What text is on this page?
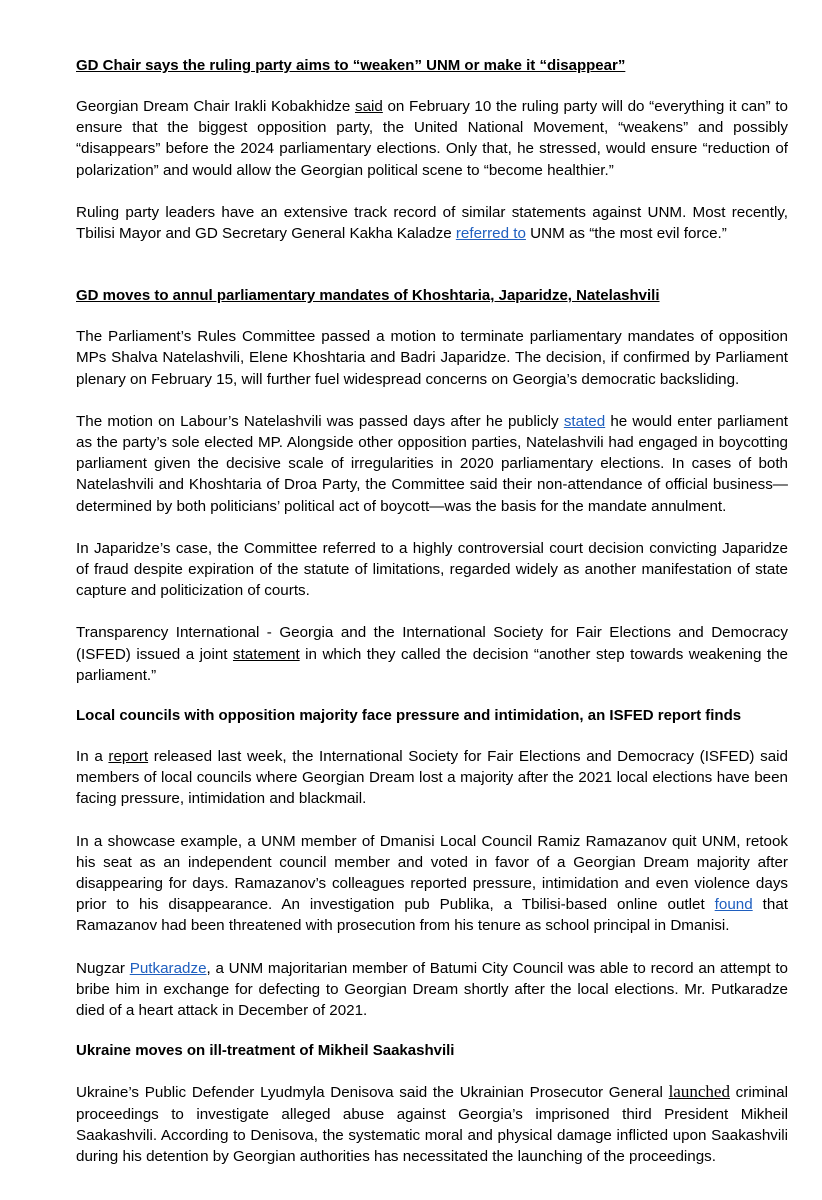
GD Chair says the ruling party aims to “weaken” UNM or make it “disappear”

Georgian Dream Chair Irakli Kobakhidze said on February 10 the ruling party will do “everything it can” to ensure that the biggest opposition party, the United National Movement, “weakens” and possibly “disappears” before the 2024 parliamentary elections. Only that, he stressed, would ensure “reduction of polarization” and would allow the Georgian political scene to “become healthier.”

Ruling party leaders have an extensive track record of similar statements against UNM. Most recently, Tbilisi Mayor and GD Secretary General Kakha Kaladze referred to UNM as “the most evil force.”

GD moves to annul parliamentary mandates of Khoshtaria, Japaridze, Natelashvili

The Parliament’s Rules Committee passed a motion to terminate parliamentary mandates of opposition MPs Shalva Natelashvili, Elene Khoshtaria and Badri Japaridze. The decision, if confirmed by Parliament plenary on February 15, will further fuel widespread concerns on Georgia’s democratic backsliding.

The motion on Labour’s Natelashvili was passed days after he publicly stated he would enter parliament as the party’s sole elected MP. Alongside other opposition parties, Natelashvili had engaged in boycotting parliament given the decisive scale of irregularities in 2020 parliamentary elections. In cases of both Natelashvili and Khoshtaria of Droa Party, the Committee said their non-attendance of official business—determined by both politicians’ political act of boycott—was the basis for the mandate annulment.

In Japaridze’s case, the Committee referred to a highly controversial court decision convicting Japaridze of fraud despite expiration of the statute of limitations, regarded widely as another manifestation of state capture and politicization of courts.

Transparency International - Georgia and the International Society for Fair Elections and Democracy (ISFED) issued a joint statement in which they called the decision “another step towards weakening the parliament.”

Local councils with opposition majority face pressure and intimidation, an ISFED report finds

In a report released last week, the International Society for Fair Elections and Democracy (ISFED) said members of local councils where Georgian Dream lost a majority after the 2021 local elections have been facing pressure, intimidation and blackmail.

In a showcase example, a UNM member of Dmanisi Local Council Ramiz Ramazanov quit UNM, retook his seat as an independent council member and voted in favor of a Georgian Dream majority after disappearing for days. Ramazanov’s colleagues reported pressure, intimidation and even violence days prior to his disappearance. An investigation pub Publika, a Tbilisi-based online outlet found that Ramazanov had been threatened with prosecution from his tenure as school principal in Dmanisi.

Nugzar Putkaradze, a UNM majoritarian member of Batumi City Council was able to record an attempt to bribe him in exchange for defecting to Georgian Dream shortly after the local elections. Mr. Putkaradze died of a heart attack in December of 2021.

Ukraine moves on ill-treatment of Mikheil Saakashvili

Ukraine’s Public Defender Lyudmyla Denisova said the Ukrainian Prosecutor General launched criminal proceedings to investigate alleged abuse against Georgia’s imprisoned third President Mikheil Saakashvili. According to Denisova, the systematic moral and physical damage inflicted upon Saakashvili during his detention by Georgian authorities has necessitated the launching of the proceedings.
